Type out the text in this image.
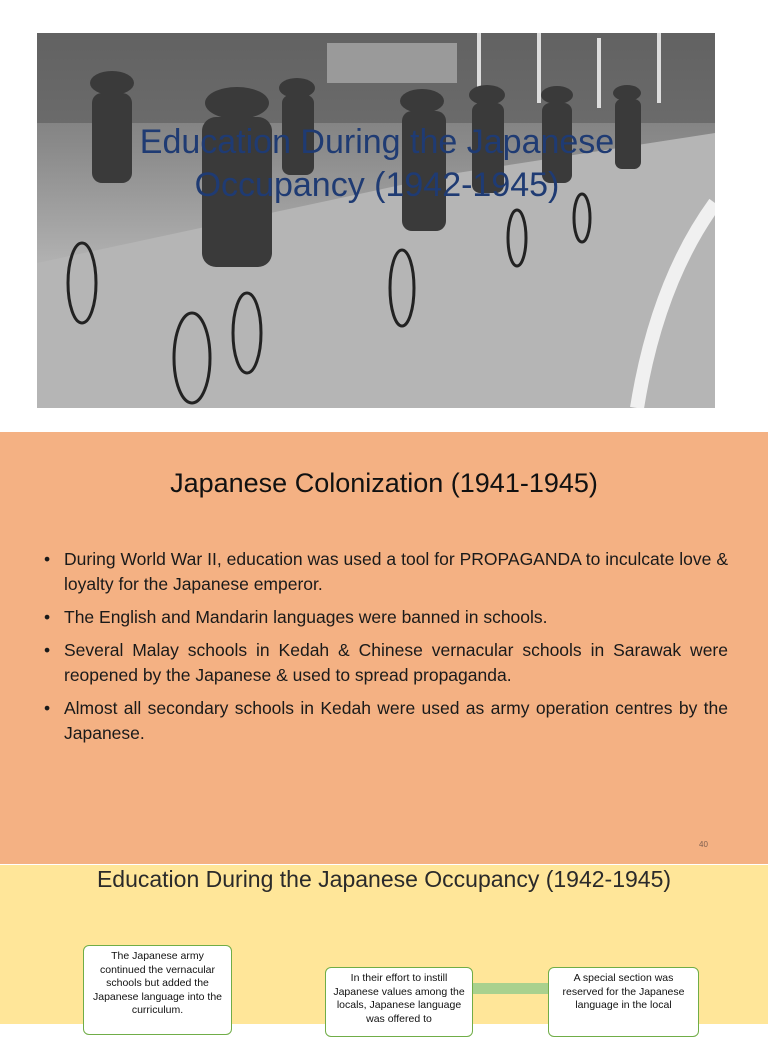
Education During the Japanese Occupancy (1942-1945)
Japanese Colonization (1941-1945)
• During World War II, education was used a tool for PROPAGANDA to inculcate love & loyalty for the Japanese emperor.
• The English and Mandarin languages were banned in schools.
• Several Malay schools in Kedah & Chinese vernacular schools in Sarawak were reopened by the Japanese & used to spread propaganda.
• Almost all secondary schools in Kedah were used as army operation centres by the Japanese.
40
Education During the Japanese Occupancy (1942-1945)
The Japanese army continued the vernacular schools but added the Japanese language into the curriculum.
In their effort to instill Japanese values among the locals, Japanese language was offered to
A special section was reserved for the Japanese language in the local
